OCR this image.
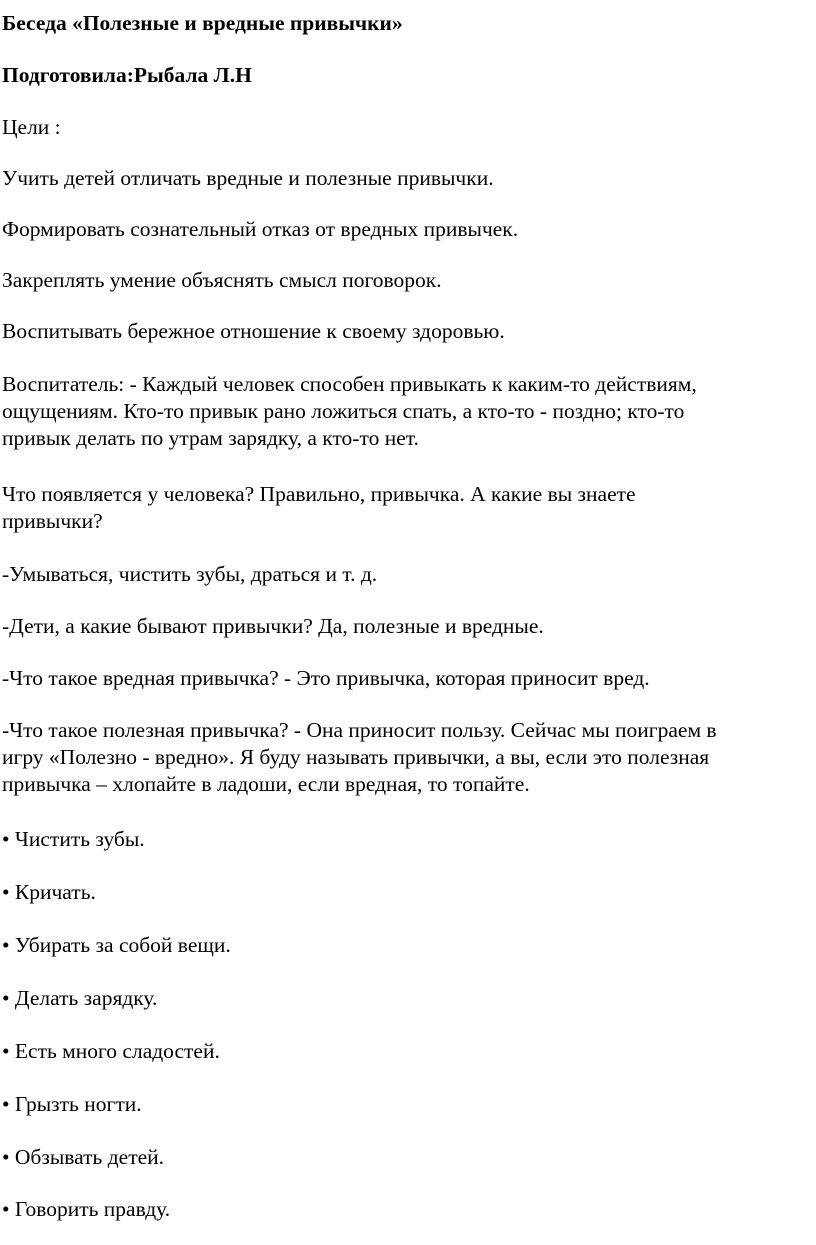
Беседа «Полезные и вредные привычки»

Подготовила:Рыбала Л.Н

Цели :

Учить детей отличать вредные и полезные привычки.

Формировать сознательный отказ от вредных привычек.

Закреплять умение объяснять смысл поговорок.

Воспитывать бережное отношение к своему здоровью.

Воспитатель: - Каждый человек способен привыкать к каким-то действиям,

ощущениям. Кто-то привык рано ложиться спать, а кто-то - поздно; кто-то

привык делать по утрам зарядку, а кто-то нет.

Что появляется у человека? Правильно, привычка. А какие вы знаете

привычки?

-Умываться, чистить зубы, драться и т. д.

-Дети, а какие бывают привычки? Да, полезные и вредные.

-Что такое вредная привычка? - Это привычка, которая приносит вред.

-Что такое полезная привычка? - Она приносит пользу. Сейчас мы поиграем в

игру «Полезно - вредно». Я буду называть привычки, а вы, если это полезная

привычка – хлопайте в ладоши, если вредная, то топайте.

• Чистить зубы.

• Кричать.

• Убирать за собой вещи.

• Делать зарядку.

• Есть много сладостей.

• Грызть ногти.

• Обзывать детей.

• Говорить правду.
